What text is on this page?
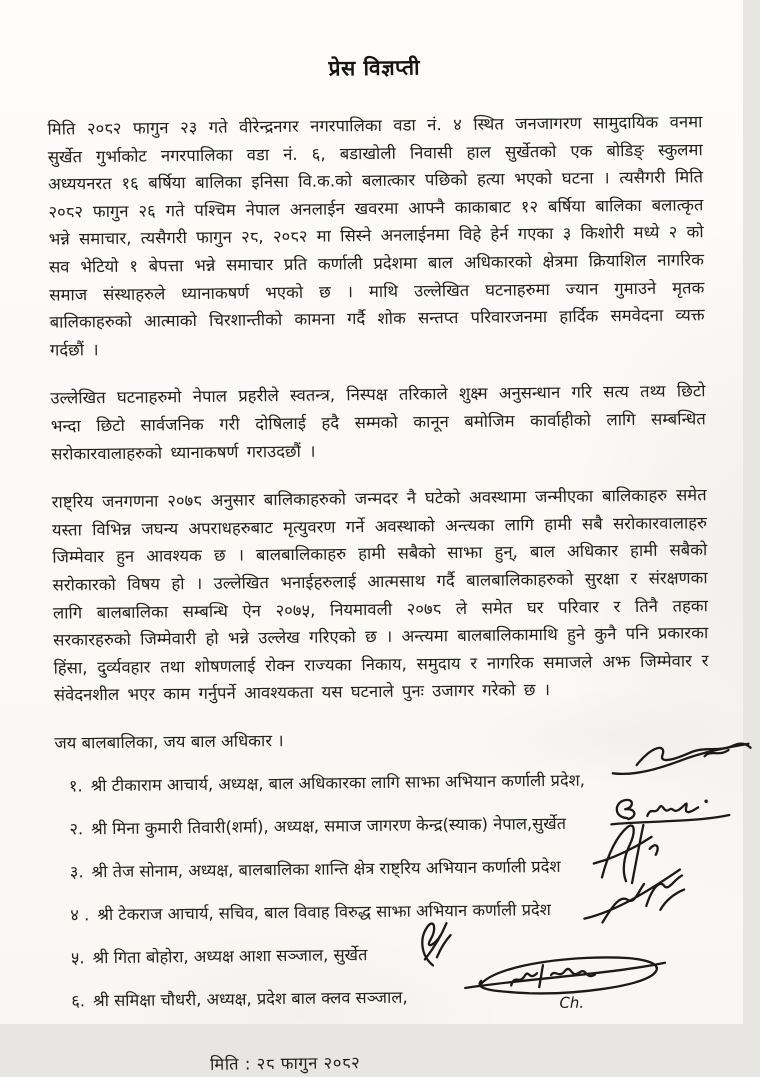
प्रेस विज्ञप्ती

मिति २०८२ फागुन २३ गते वीरेन्द्रनगर नगरपालिका वडा नं. ४ स्थित जनजागरण सामुदायिक वनमा सुर्खेत गुर्भाकोट नगरपालिका वडा नं. ६, बडाखोली निवासी हाल सुर्खेतको एक बोडिङ् स्कुलमा अध्ययनरत १६ बर्षिया बालिका इनिसा वि.क.को बलात्कार पछिको हत्या भएको घटना । त्यसैगरी मिति २०८२ फागुन २६ गते पश्चिम नेपाल अनलाईन खवरमा आफ्नै काकाबाट १२ बर्षिया बालिका बलात्कृत भन्ने समाचार, त्यसैगरी फागुन २८, २०८२ मा सिस्ने अनलाईनमा विहे हेर्न गएका ३ किशोरी मध्ये २ को सव भेटियो १ बेपत्ता भन्ने समाचार प्रति कर्णाली प्रदेशमा बाल अधिकारको क्षेत्रमा क्रियाशिल नागरिक समाज संस्थाहरुले ध्यानाकषर्ण भएको छ । माथि उल्लेखित घटनाहरुमा ज्यान गुमाउने मृतक बालिकाहरुको आत्माको चिरशान्तीको कामना गर्दै शोक सन्तप्त परिवारजनमा हार्दिक समवेदना व्यक्त गर्दछौं ।

उल्लेखित घटनाहरुमो नेपाल प्रहरीले स्वतन्त्र, निस्पक्ष तरिकाले शुक्ष्म अनुसन्धान गरि सत्य तथ्य छिटो भन्दा छिटो सार्वजनिक गरी दोषिलाई हदै सम्मको कानून बमोजिम कार्वाहीको लागि सम्बन्धित सरोकारवालाहरुको ध्यानाकषर्ण गराउदछौं ।

राष्ट्रिय जनगणना २०७८ अनुसार बालिकाहरुको जन्मदर नै घटेको अवस्थामा जन्मीएका बालिकाहरु समेत यस्ता विभिन्न जघन्य अपराधहरुबाट मृत्युवरण गर्ने अवस्थाको अन्त्यका लागि हामी सबै सरोकारवालाहरु जिम्मेवार हुन आवश्यक छ । बालबालिकाहरु हामी सबैको साझा हुन्, बाल अधिकार हामी सबैको सरोकारको विषय हो । उल्लेखित भनाईहरुलाई आत्मसाथ गर्दै बालबालिकाहरुको सुरक्षा र संरक्षणका लागि बालबालिका सम्बन्धि ऐन २०७५, नियमावली २०७८ ले समेत घर परिवार र तिनै तहका सरकारहरुको जिम्मेवारी हो भन्ने उल्लेख गरिएको छ । अन्त्यमा बालबालिकामाथि हुने कुनै पनि प्रकारका हिंसा, दुर्व्यवहार तथा शोषणलाई रोक्न राज्यका निकाय, समुदाय र नागरिक समाजले अझ जिम्मेवार र संवेदनशील भएर काम गर्नुपर्ने आवश्यकता यस घटनाले पुनः उजागर गरेको छ ।

जय बालबालिका, जय बाल अधिकार ।

१. श्री टीकाराम आचार्य, अध्यक्ष, बाल अधिकारका लागि साझा अभियान कर्णाली प्रदेश,
२. श्री मिना कुमारी तिवारी(शर्मा), अध्यक्ष, समाज जागरण केन्द्र(स्याक) नेपाल,सुर्खेत
३. श्री तेज सोनाम, अध्यक्ष, बालबालिका शान्ति क्षेत्र राष्ट्रिय अभियान कर्णाली प्रदेश
४ . श्री टेकराज आचार्य, सचिव, बाल विवाह विरुद्ध साझा अभियान कर्णाली प्रदेश
५. श्री गिता बोहोरा, अध्यक्ष आशा सञ्जाल, सुर्खेत
६. श्री समिक्षा चौधरी, अध्यक्ष, प्रदेश बाल क्लव सञ्जाल,	Ch.
मिति : २८ फागुन २०८२
